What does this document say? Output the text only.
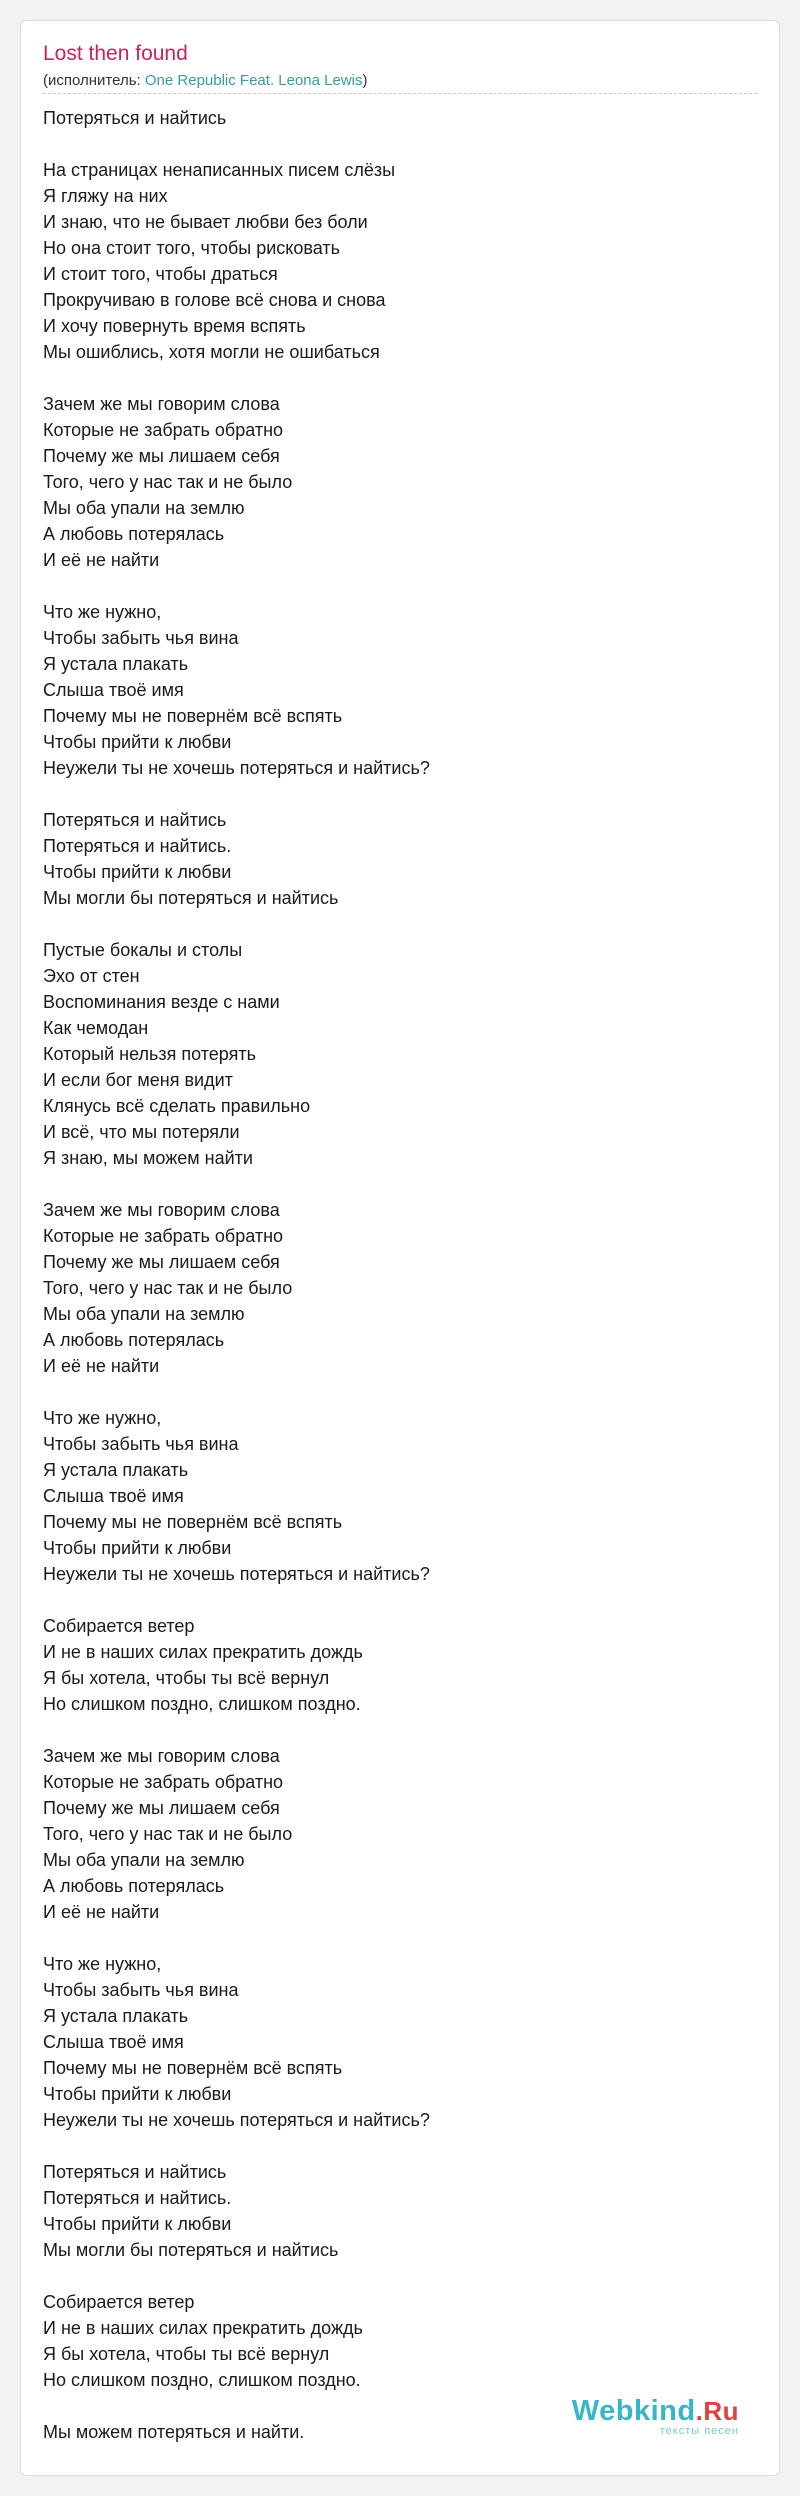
Lost then found
(исполнитель: One Republic Feat. Leona Lewis)
Потеряться и найтись
На страницах ненаписанных писем слёзы
Я гляжу на них
И знаю, что не бывает любви без боли
Но она стоит того, чтобы рисковать
И стоит того, чтобы драться
Прокручиваю в голове всё снова и снова
И хочу повернуть время вспять
Мы ошиблись, хотя могли не ошибаться
Зачем же мы говорим слова
Которые не забрать обратно
Почему же мы лишаем себя
Того, чего у нас так и не было
Мы оба упали на землю
А любовь потерялась
И её не найти
Что же нужно,
Чтобы забыть чья вина
Я устала плакать
Слыша твоё имя
Почему мы не повернём всё вспять
Чтобы прийти к любви
Неужели ты не хочешь потеряться и найтись?
Потеряться и найтись
Потеряться и найтись.
Чтобы прийти к любви
Мы могли бы потеряться и найтись
Пустые бокалы и столы
Эхо от стен
Воспоминания везде с нами
Как чемодан
Который нельзя потерять
И если бог меня видит
Клянусь всё сделать правильно
И всё, что мы потеряли
Я знаю, мы можем найти
Зачем же мы говорим слова
Которые не забрать обратно
Почему же мы лишаем себя
Того, чего у нас так и не было
Мы оба упали на землю
А любовь потерялась
И её не найти
Что же нужно,
Чтобы забыть чья вина
Я устала плакать
Слыша твоё имя
Почему мы не повернём всё вспять
Чтобы прийти к любви
Неужели ты не хочешь потеряться и найтись?
Собирается ветер
И не в наших силах прекратить дождь
Я бы хотела, чтобы ты всё вернул
Но слишком поздно, слишком поздно.
Зачем же мы говорим слова
Которые не забрать обратно
Почему же мы лишаем себя
Того, чего у нас так и не было
Мы оба упали на землю
А любовь потерялась
И её не найти
Что же нужно,
Чтобы забыть чья вина
Я устала плакать
Слыша твоё имя
Почему мы не повернём всё вспять
Чтобы прийти к любви
Неужели ты не хочешь потеряться и найтись?
Потеряться и найтись
Потеряться и найтись.
Чтобы прийти к любви
Мы могли бы потеряться и найтись
Собирается ветер
И не в наших силах прекратить дождь
Я бы хотела, чтобы ты всё вернул
Но слишком поздно, слишком поздно.
Мы можем потеряться и найти.
Webkind.Ru
тексты песен
